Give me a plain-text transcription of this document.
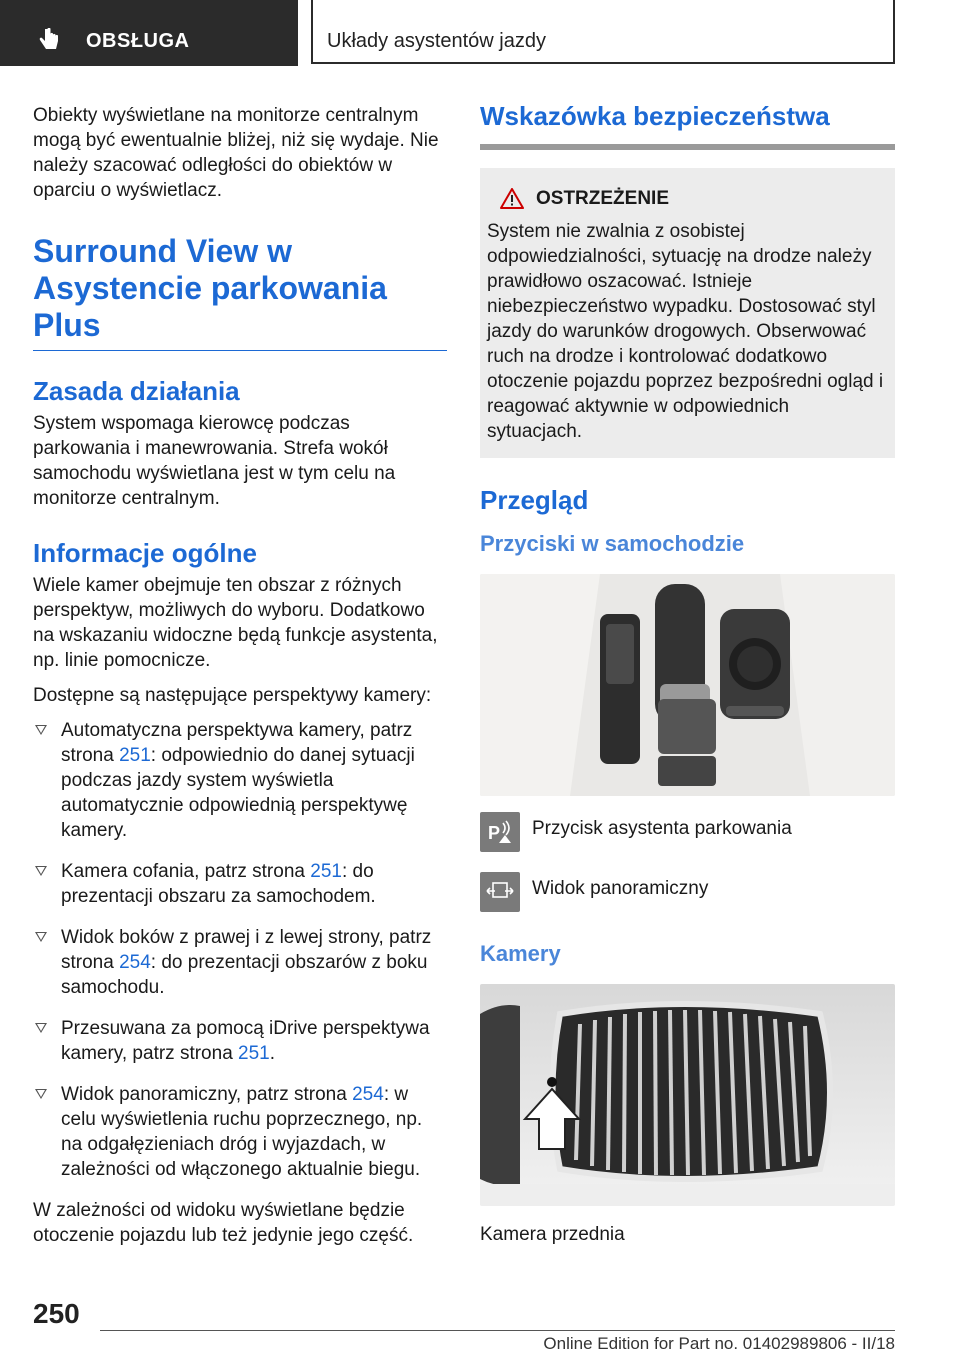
OBSŁUGA	Układy asystentów jazdy

Obiekty wyświetlane na monitorze centralnym mogą być ewentualnie bliżej, niż się wydaje. Nie należy szacować odległości do obiektów w oparciu o wyświetlacz.

Surround View w Asystencie parkowania Plus
Zasada działania

System wspomaga kierowcę podczas parkowania i manewrowania. Strefa wokół samochodu wyświetlana jest w tym celu na monitorze centralnym.

Informacje ogólne

Wiele kamer obejmuje ten obszar z różnych perspektyw, możliwych do wyboru. Dodatkowo na wskazaniu widoczne będą funkcje asystenta, np. linie pomocnicze.

Dostępne są następujące perspektywy kamery:

Automatyczna perspektywa kamery, patrz strona 251: odpowiednio do danej sytuacji podczas jazdy system wyświetla automatycznie odpowiednią perspektywę kamery.
Kamera cofania, patrz strona 251: do prezentacji obszaru za samochodem.
Widok boków z prawej i z lewej strony, patrz strona 254: do prezentacji obszarów z boku samochodu.
Przesuwana za pomocą iDrive perspektywa kamery, patrz strona 251.
Widok panoramiczny, patrz strona 254: w celu wyświetlenia ruchu poprzecznego, np. na odgałęzieniach dróg i wyjazdach, w zależności od włączonego aktualnie biegu.

W zależności od widoku wyświetlane będzie otoczenie pojazdu lub też jedynie jego część.

Wskazówka bezpieczeństwa
OSTRZEŻENIE

System nie zwalnia z osobistej odpowiedzialności, sytuację na drodze należy prawidłowo oszacować. Istnieje niebezpieczeństwo wypadku. Dostosować styl jazdy do warunków drogowych. Obserwować ruch na drodze i kontrolować dodatkowo otoczenie pojazdu poprzez bezpośredni ogląd i reagować aktywnie w odpowiednich sytuacjach.

Przegląd
Przyciski w samochodzie
P Przycisk asystenta parkowania
Widok panoramiczny
Kamery

Kamera przednia

250
Online Edition for Part no. 01402989806 - II/18
